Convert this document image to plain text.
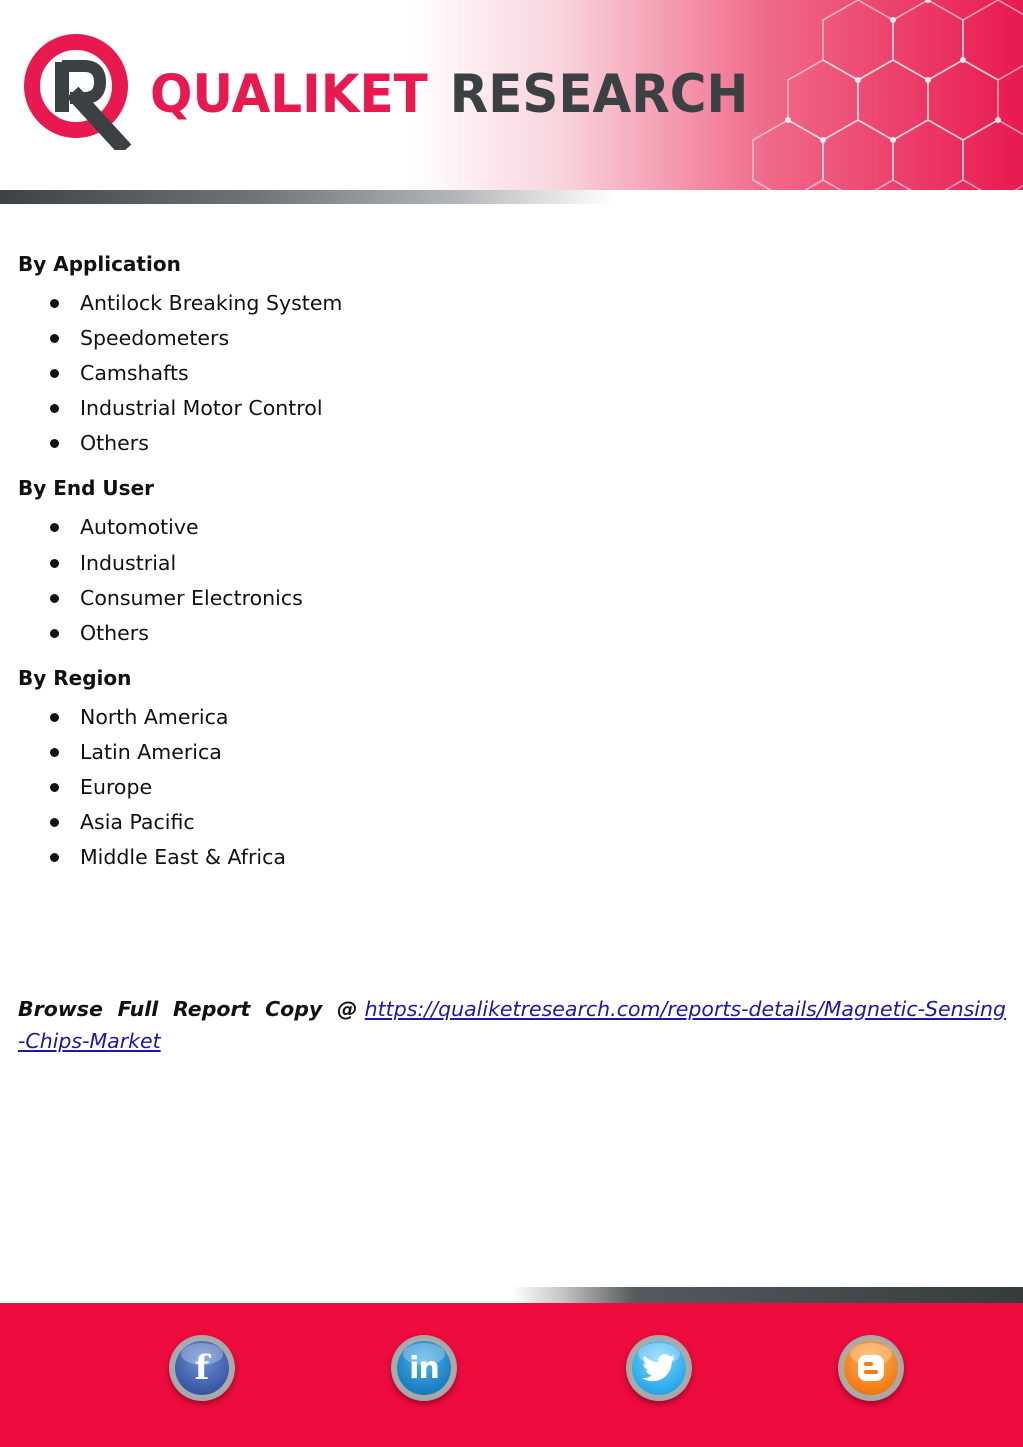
QUALIKET RESEARCH
By Application
Antilock Breaking System
Speedometers
Camshafts
Industrial Motor Control
Others
By End User
Automotive
Industrial
Consumer Electronics
Others
By Region
North America
Latin America
Europe
Asia Pacific
Middle East & Africa

Browse Full Report Copy @ https://qualiketresearch.com/reports-details/Magnetic-Sensing-Chips-Market

f	in
